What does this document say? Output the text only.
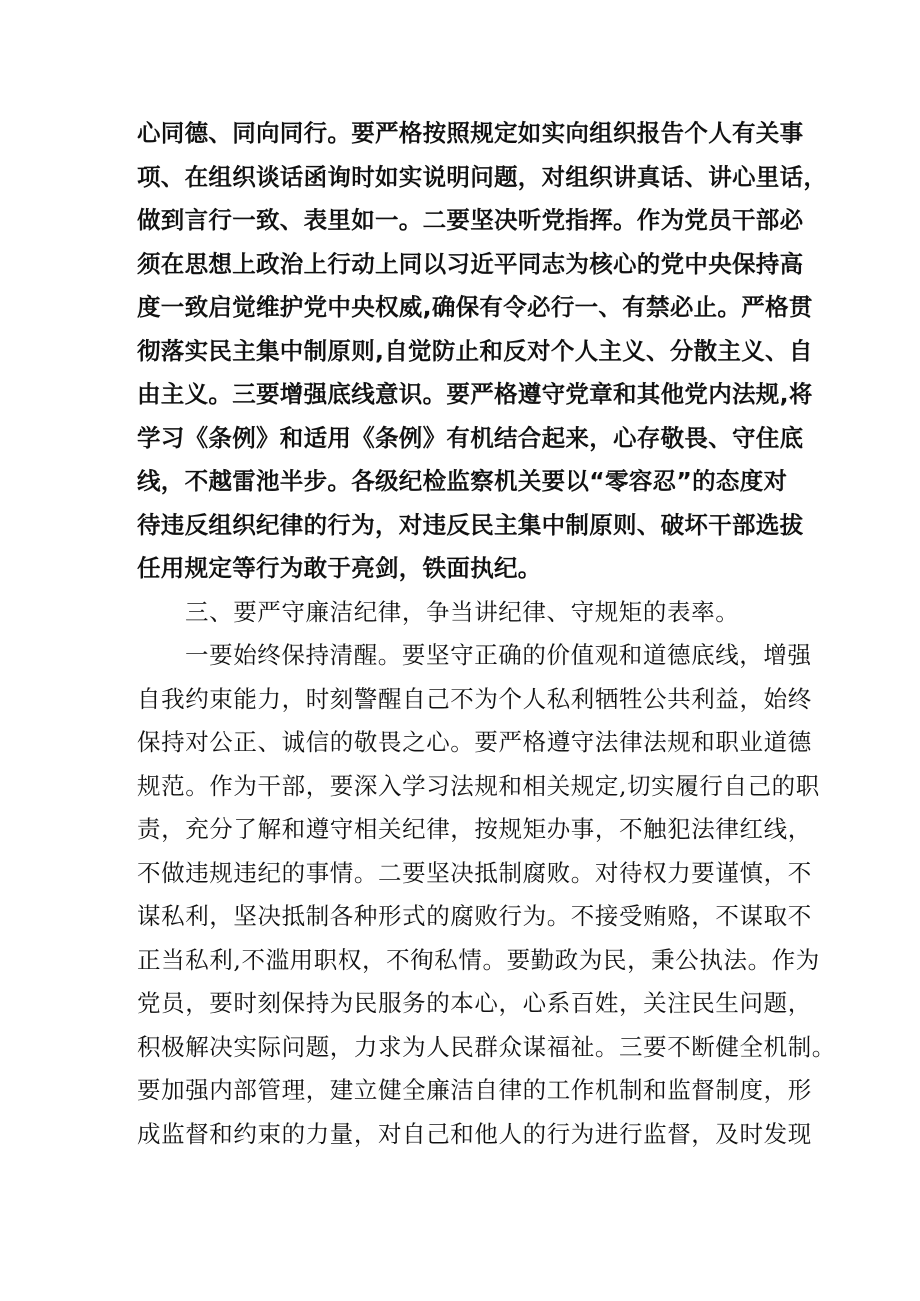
心同德、同向同行。要严格按照规定如实向组织报告个人有关事
项、在组织谈话函询时如实说明问题，对组织讲真话、讲心里话，
做到言行一致、表里如一。二要坚决听党指挥。作为党员干部必
须在思想上政治上行动上同以习近平同志为核心的党中央保持高
度一致启觉维护党中央权威,确保有令必行一、有禁必止。严格贯
彻落实民主集中制原则,自觉防止和反对个人主义、分散主义、自
由主义。三要增强底线意识。要严格遵守党章和其他党内法规,将
学习《条例》和适用《条例》有机结合起来，心存敬畏、守住底
线，不越雷池半步。各级纪检监察机关要以“零容忍”的态度对
待违反组织纪律的行为，对违反民主集中制原则、破坏干部选拔
任用规定等行为敢于亮剑，铁面执纪。
三、要严守廉洁纪律，争当讲纪律、守规矩的表率。
一要始终保持清醒。要坚守正确的价值观和道德底线，增强
自我约束能力，时刻警醒自己不为个人私利牺牲公共利益，始终
保持对公正、诚信的敬畏之心。要严格遵守法律法规和职业道德
规范。作为干部，要深入学习法规和相关规定,切实履行自己的职
责，充分了解和遵守相关纪律，按规矩办事，不触犯法律红线，
不做违规违纪的事情。二要坚决抵制腐败。对待权力要谨慎，不
谋私利，坚决抵制各种形式的腐败行为。不接受贿赂，不谋取不
正当私利,不滥用职权，不徇私情。要勤政为民，秉公执法。作为
党员，要时刻保持为民服务的本心，心系百姓，关注民生问题，
积极解决实际问题，力求为人民群众谋福祉。三要不断健全机制。
要加强内部管理，建立健全廉洁自律的工作机制和监督制度，形
成监督和约束的力量，对自己和他人的行为进行监督，及时发现
